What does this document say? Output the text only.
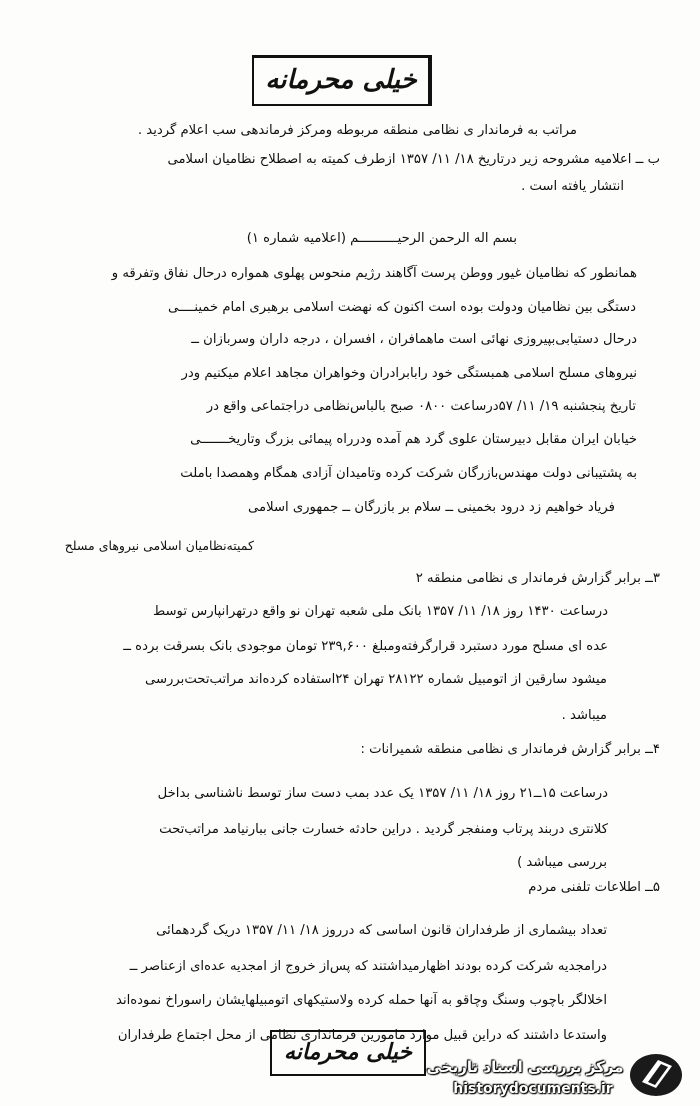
خیلی محرمانه
مراتب به فرماندار ی نظامی منطقه مربوطه ومرکز فرماندهی سب اعلام گردید .
ب ــ اعلامیه مشروحه زیر درتاریخ ۱۸/ ۱۱/ ۱۳۵۷ ازطرف کمیته به اصطلاح نظامیان اسلامی
انتشار یافته است .
بسم اله الرحمن الرحیــــــــــم (اعلامیه شماره ۱)
همانطور که نظامیان غیور ووطن پرست آگاهند رژیم منحوس پهلوی همواره درحال نفاق وتفرقه و
دستگی بین نظامیان ودولت بوده است اکنون که نهضت اسلامی برهبری امام خمینــــی
درحال دستیابی‌بپیروزی نهائی است ماهمافران ، افسران ، درجه داران وسربازان ــ
نیروهای مسلح اسلامی همبستگی خود رابابرادران وخواهران مجاهد اعلام میکنیم ودر
تاریخ پنجشنبه ۱۹/ ۱۱/ ۵۷درساعت ۰۸۰۰ صبح بالباس‌نظامی دراجتماعی واقع در
خیابان ایران مقابل دبیرستان علوی گرد هم آمده ودرراه پیمائی بزرگ وتاریخـــــــی
به پشتیبانی دولت مهندس‌بازرگان شرکت کرده وتامیدان آزادی همگام وهمصدا باملت
فریاد خواهیم زد درود بخمینی ــ سلام بر بازرگان ــ جمهوری اسلامی
کمیته‌نظامیان اسلامی نیروهای مسلح
۳ــ برابر گزارش فرماندار ی نظامی منطقه ۲
درساعت ۱۴۳۰ روز ۱۸/ ۱۱/ ۱۳۵۷ بانک ملی شعبه تهران نو واقع درتهرانپارس توسط
عده ای مسلح مورد دستبرد قرارگرفته‌ومبلغ ۲۳۹,۶۰۰ تومان موجودی بانک بسرقت برده ــ
میشود سارقین از اتومبیل شماره ۲۸۱۲۲ تهران ۲۴استفاده کرده‌اند مراتب‌تحت‌بررسی
میباشد .
۴ــ برابر گزارش فرماندار ی نظامی منطقه شمیرانات :
درساعت ۱۵ــ۲۱ روز ۱۸/ ۱۱/ ۱۳۵۷ یک عدد بمب دست ساز توسط ناشناسی بداخل
کلانتری دربند پرتاب ومنفجر گردید . دراین حادثه خسارت جانی ببارنیامد مراتب‌تحت
بررسی میباشد )
۵ــ اطلاعات تلفنی مردم
تعداد بیشماری از طرفداران قانون اساسی که درروز ۱۸/ ۱۱/ ۱۳۵۷ دریک گردهمائی
درامجدیه شرکت کرده بودند اظهارمیداشتند که پس‌از خروج از امجدیه عده‌ای ازعناصر ــ
اخلالگر باچوب وسنگ وچاقو به آنها حمله کرده ولاستیکهای اتومبیلهایشان راسوراخ نموده‌اند
واستدعا داشتند که دراین قبیل موارد مامورین فرمانداری نظامی از محل اجتماع طرفداران
خیلی محرمانه
مرکز بررسی اسناد تاریخی
historydocuments.ir
